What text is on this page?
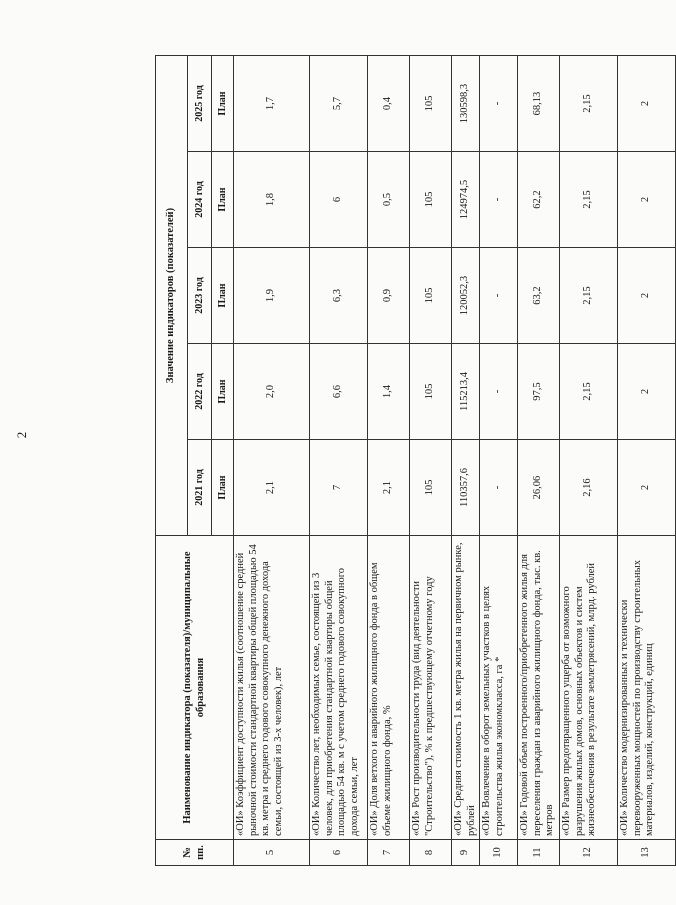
2
№ пп.	Наименование индикатора (показателя)/муниципальные образования	Значение индикаторов (показателей)				
		2021 год	2022 год	2023 год	2024 год	2025 год
		План	План	План	План	План
5	«ОИ» Коэффициент доступности жилья (соотношение средней рыночной стоимости стандартной квартиры общей площадью 54 кв. метра и среднего годового совокупного денежного дохода семьи, состоящей из 3-х человек), лет	2,1	2,0	1,9	1,8	1,7
6	«ОИ» Количество лет, необходимых семье, состоящей из 3 человек, для приобретения стандартной квартиры общей площадью 54 кв. м с учетом среднего годового совокупного дохода семьи, лет	7	6,6	6,3	6	5,7
7	«ОИ» Доля ветхого и аварийного жилищного фонда в общем объеме жилищного фонда, %	2,1	1,4	0,9	0,5	0,4
8	«ОИ» Рост производительности труда (вид деятельности "Строительство"), % к предшествующему отчетному году	105	105	105	105	105
9	«ОИ» Средняя стоимость 1 кв. метра жилья на первичном рынке, рублей	110357,6	115213,4	120052,3	124974,5	130598,3
10	«ОИ» Вовлечение в оборот земельных участков в целях строительства жилья экономкласса, га *	-	-	-	-	-
11	«ОИ» Годовой объем построенного/приобретенного жилья для переселения граждан из аварийного жилищного фонда, тыс. кв. метров	26,06	97,5	63,2	62,2	68,13
12	«ОИ» Размер предотвращенного ущерба от возможного разрушения жилых домов, основных объектов и систем жизнеобеспечения в результате землетрясений, млрд. рублей	2,16	2,15	2,15	2,15	2,15
13	«ОИ» Количество модернизированных и технически перевооруженных мощностей по производству строительных материалов, изделий, конструкций, единиц	2	2	2	2	2
